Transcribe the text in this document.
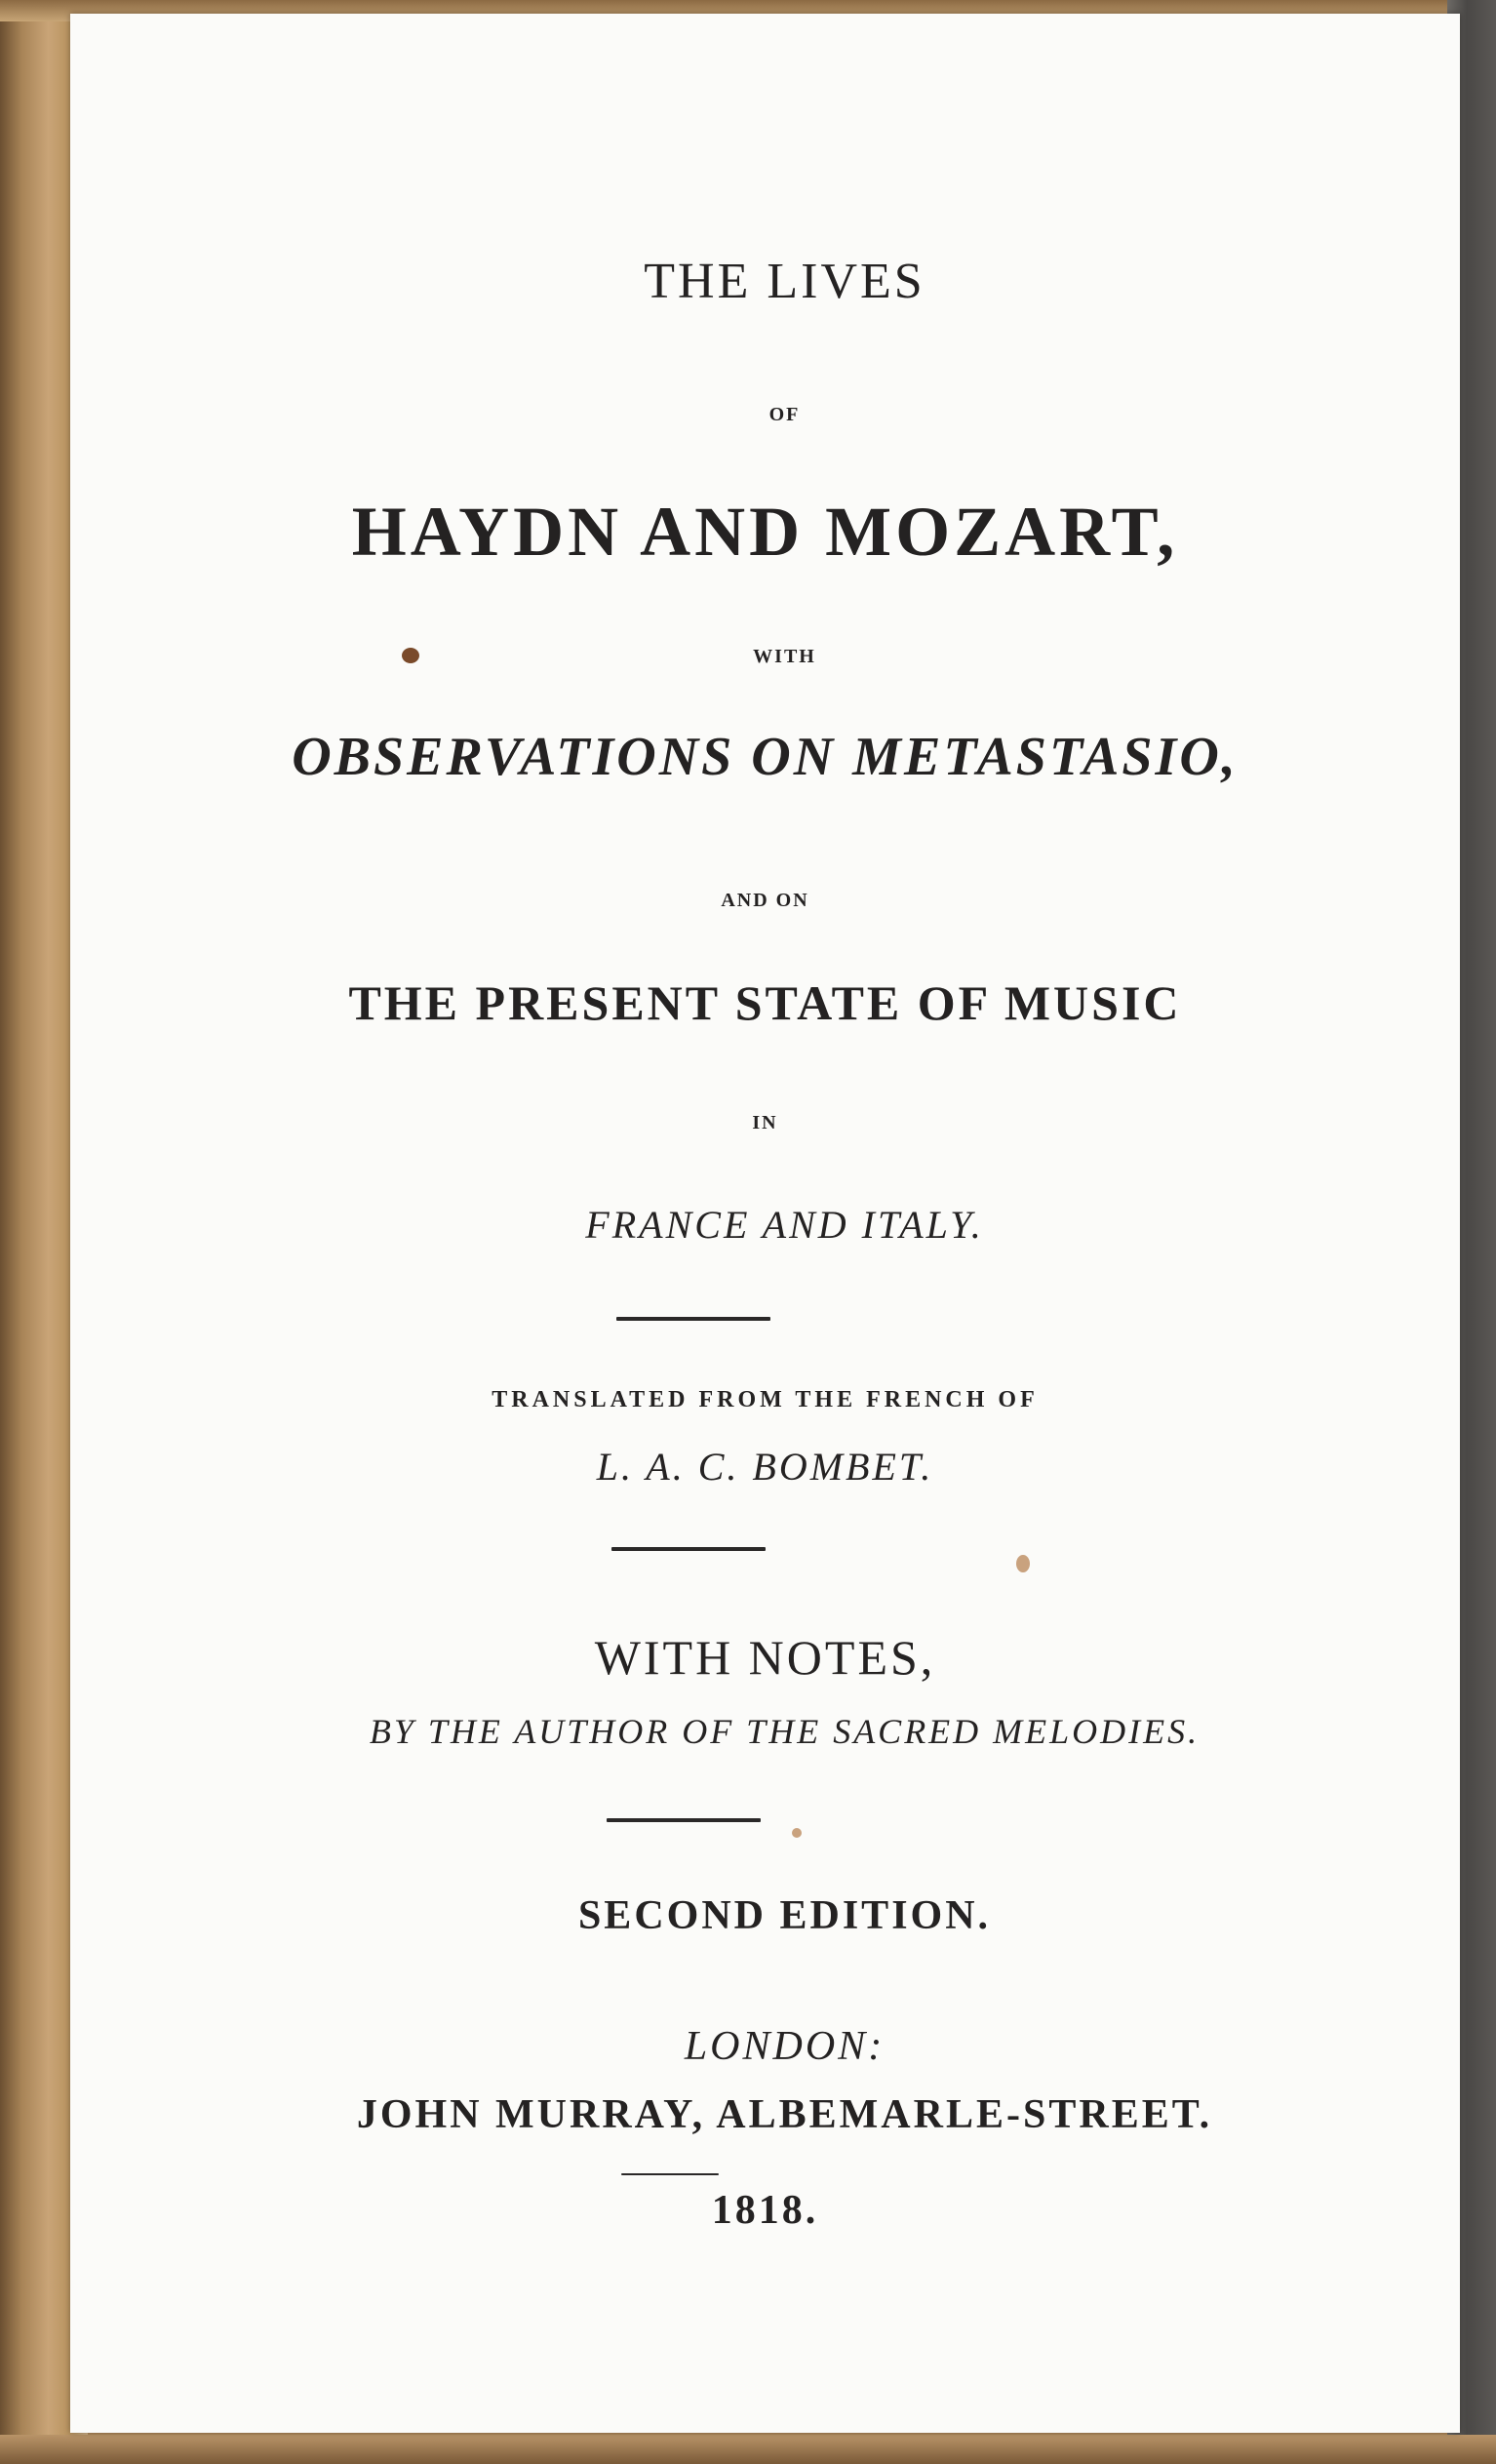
THE LIVES
OF
HAYDN AND MOZART,
WITH
OBSERVATIONS ON METASTASIO,
AND ON
THE PRESENT STATE OF MUSIC
IN
FRANCE AND ITALY.
TRANSLATED FROM THE FRENCH OF
L. A. C. BOMBET.
WITH NOTES,
BY THE AUTHOR OF THE SACRED MELODIES.
SECOND EDITION.
LONDON:
JOHN MURRAY, ALBEMARLE-STREET.
1818.
